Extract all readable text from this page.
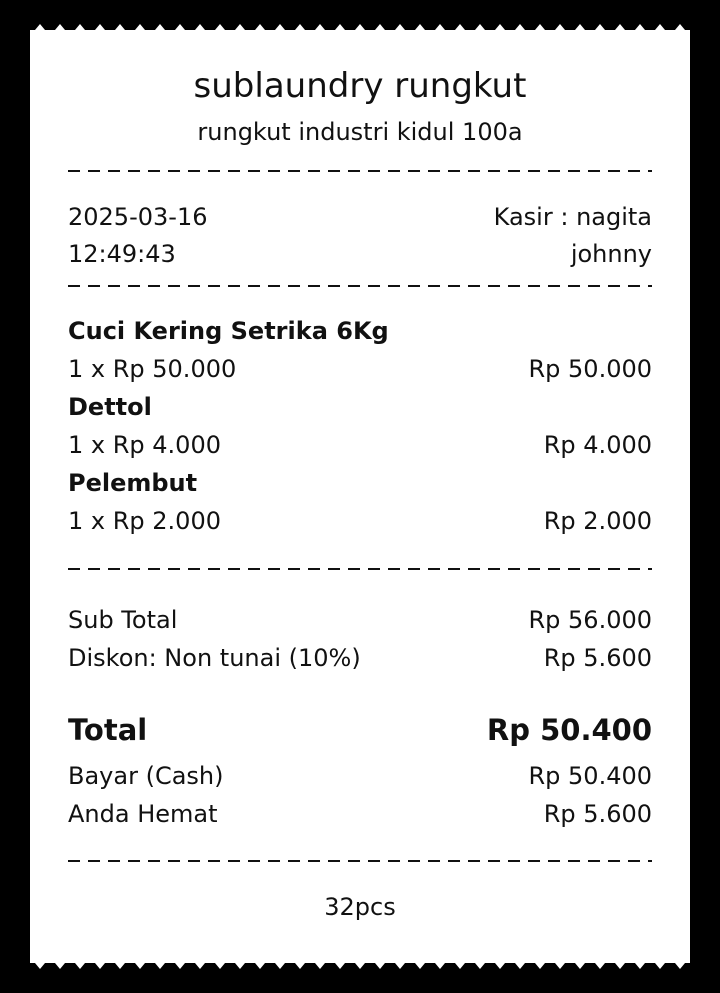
sublaundry rungkut
rungkut industri kidul 100a
2025-03-16	Kasir : nagita
12:49:43	johnny
Cuci Kering Setrika 6Kg
1 x Rp 50.000	Rp 50.000
Dettol
1 x Rp 4.000	Rp 4.000
Pelembut
1 x Rp 2.000	Rp 2.000
Sub Total	Rp 56.000
Diskon: Non tunai (10%)	Rp 5.600
Total	Rp 50.400
Bayar (Cash)	Rp 50.400
Anda Hemat	Rp 5.600
32pcs
